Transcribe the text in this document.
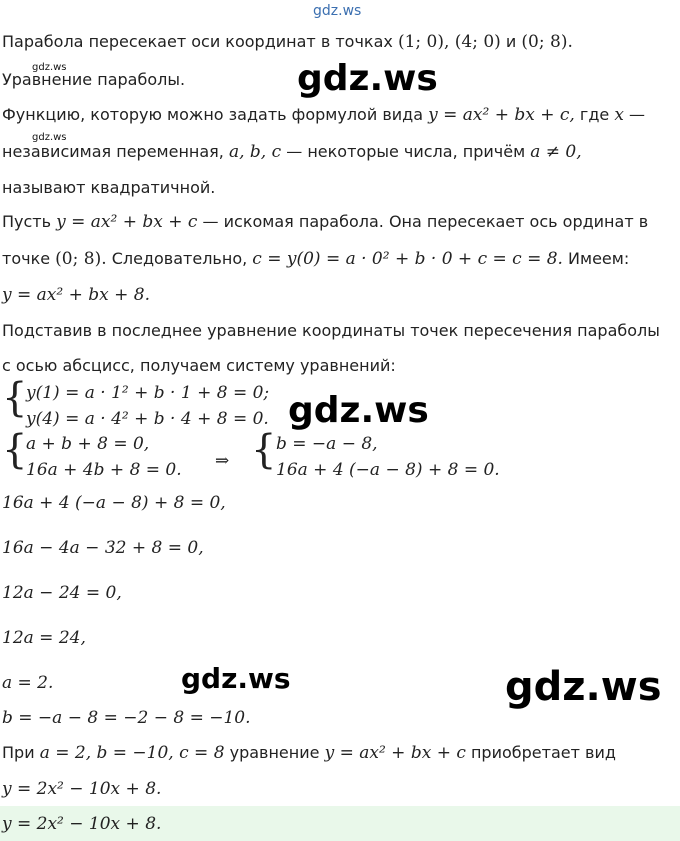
gdz.ws
Парабола пересекает оси координат в точках (1; 0), (4; 0) и (0; 8).
gdz.ws
Уравнение параболы.	gdz.ws
Функцию, которую можно задать формулой вида y = ax² + bx + c, где x —
gdz.ws
независимая переменная, a, b, c — некоторые числа, причём a ≠ 0,
называют квадратичной.
Пусть y = ax² + bx + c — искомая парабола. Она пересекает ось ординат в
точке (0; 8). Следовательно, c = y(0) = a · 0² + b · 0 + c = c = 8. Имеем:
y = ax² + bx + 8.
Подставив в последнее уравнение координаты точек пересечения параболы
с осью абсцисс, получаем систему уравнений:
{
y(1) = a · 1² + b · 1 + 8 = 0;
y(4) = a · 4² + b · 4 + 8 = 0. gdz.ws
{
a + b + 8 = 0,
16a + 4b + 8 = 0. ⇒ { b = −a − 8,
16a + 4 (−a − 8) + 8 = 0.
16a + 4 (−a − 8) + 8 = 0,
16a − 4a − 32 + 8 = 0,
12a − 24 = 0,
12a = 24,
a = 2.	gdz.ws	gdz.ws
b = −a − 8 = −2 − 8 = −10.
При a = 2, b = −10, c = 8 уравнение y = ax² + bx + c приобретает вид
y = 2x² − 10x + 8.
y = 2x² − 10x + 8.
